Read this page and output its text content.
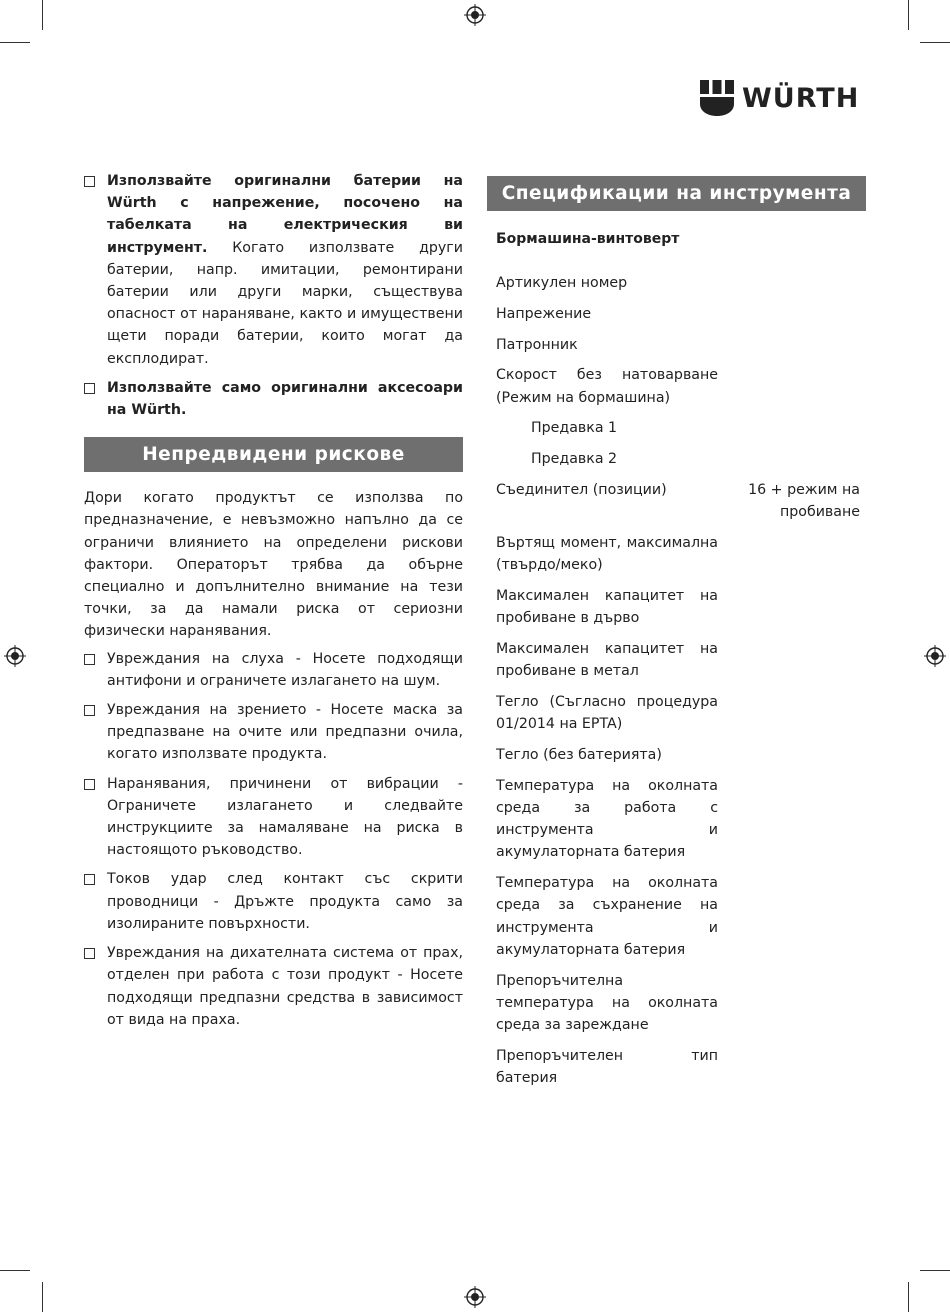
WÜRTH
Използвайте оригинални батерии на Würth с напрежение, посочено на табелката на електрическия ви инструмент. Когато използвате други батерии, напр. имитации, ремонтирани батерии или други марки, съществува опасност от нараняване, както и имуществени щети поради батерии, които могат да експлодират.
Използвайте само оригинални аксесоари на Würth.
Непредвидени рискове

Дори когато продуктът се използва по предназначение, е невъзможно напълно да се ограничи влиянието на определени рискови фактори. Операторът трябва да обърне специално и допълнително внимание на тези точки, за да намали риска от сериозни физически наранявания.

Увреждания на слуха - Носете подходящи антифони и ограничете излагането на шум.
Увреждания на зрението - Носете маска за предпазване на очите или предпазни очила, когато използвате продукта.
Наранявания, причинени от вибрации - Ограничете излагането и следвайте инструкциите за намаляване на риска в настоящото ръководство.
Токов удар след контакт със скрити проводници - Дръжте продукта само за изолираните повърхности.
Увреждания на дихателната система от прах, отделен при работа с този продукт - Носете подходящи предпазни средства в зависимост от вида на праха.
Спецификации на инструмента
Бормашина-винтоверт
Артикулен номер
Напрежение
Патронник
Скорост без натоварване (Режим на бормашина)
Предавка 1
Предавка 2
Съединител (позиции)	16 + режим на пробиване
Въртящ момент, максимална (твърдо/меко)
Максимален капацитет на пробиване в дърво
Максимален капацитет на пробиване в метал
Тегло (Съгласно процедура 01/2014 на EPTA)
Тегло (без батерията)
Температура на околната среда за работа с инструмента и акумулаторната батерия
Температура на околната среда за съхранение на инструмента и акумулаторната батерия
Препоръчителна температура на околната среда за зареждане
Препоръчителен тип батерия
